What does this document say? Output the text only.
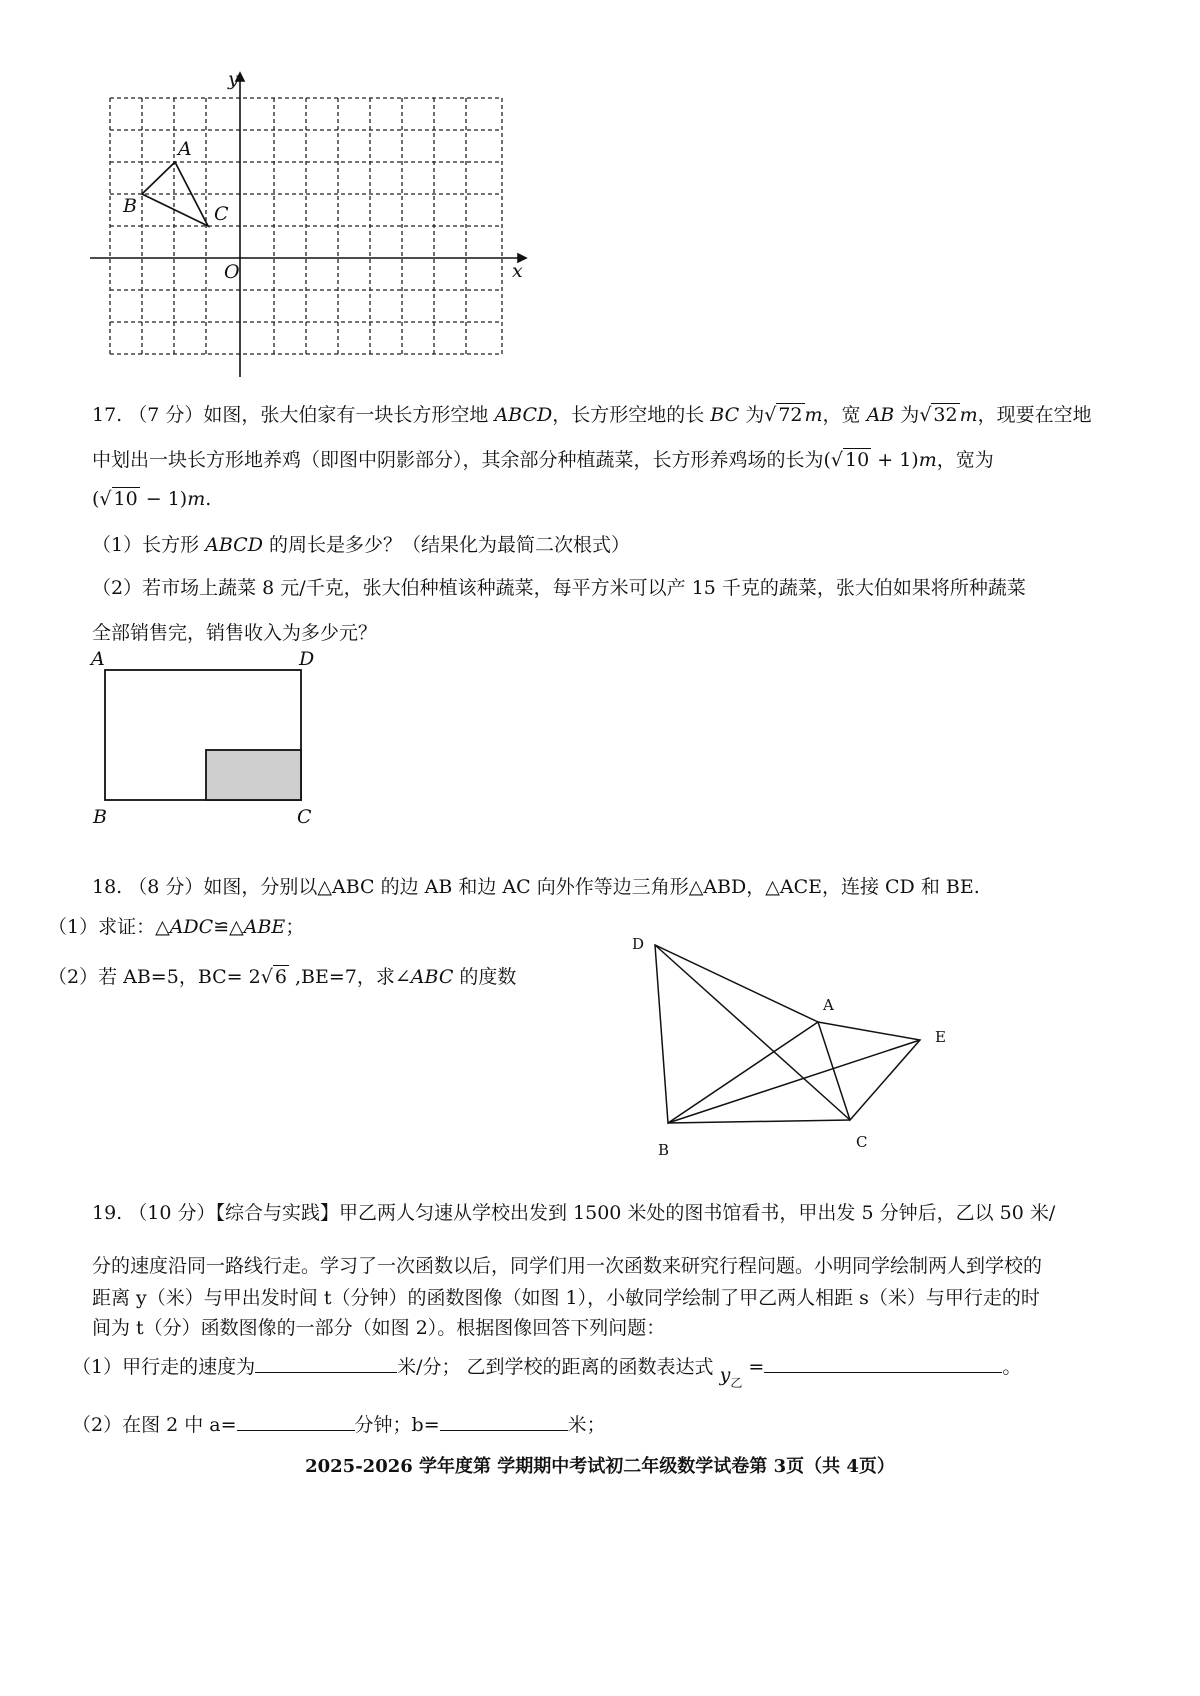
y
x
O
A
B	C
17. （7 分）如图，张大伯家有一块长方形空地 ABCD，长方形空地的长 BC 为√ 72 m，宽 AB 为√ 32 m，现要在空地
中划出一块长方形地养鸡（即图中阴影部分），其余部分种植蔬菜，长方形养鸡场的长为(√ 10 + 1)m，宽为
(√ 10 − 1)m.
（1）长方形 ABCD 的周长是多少？（结果化为最简二次根式）
（2）若市场上蔬菜 8 元/千克，张大伯种植该种蔬菜，每平方米可以产 15 千克的蔬菜，张大伯如果将所种蔬菜
全部销售完，销售收入为多少元？
A	D
B	C
18. （8 分）如图，分别以△ABC 的边 AB 和边 AC 向外作等边三角形△ABD，△ACE，连接 CD 和 BE.
（1）求证：△ADC≌△ABE；
（2）若 AB=5，BC= 2√ 6 ,BE=7，求∠ABC 的度数
D
A
E
B	C
19. （10 分）【综合与实践】甲乙两人匀速从学校出发到 1500 米处的图书馆看书，甲出发 5 分钟后，乙以 50 米/
分的速度沿同一路线行走。学习了一次函数以后，同学们用一次函数来研究行程问题。小明同学绘制两人到学校的
距离 y（米）与甲出发时间 t（分钟）的函数图像（如图 1），小敏同学绘制了甲乙两人相距 s（米）与甲行走的时
间为 t（分）函数图像的一部分（如图 2）。根据图像回答下列问题：
（1）甲行走的速度为	米/分； 乙到学校的距离的函数表达式 $y_乙$ =	。
（2）在图 2 中 a=	分钟；b=	米；
2025-2026 学年度第 学期期中考试初二年级数学试卷第 3页（共 4页）
